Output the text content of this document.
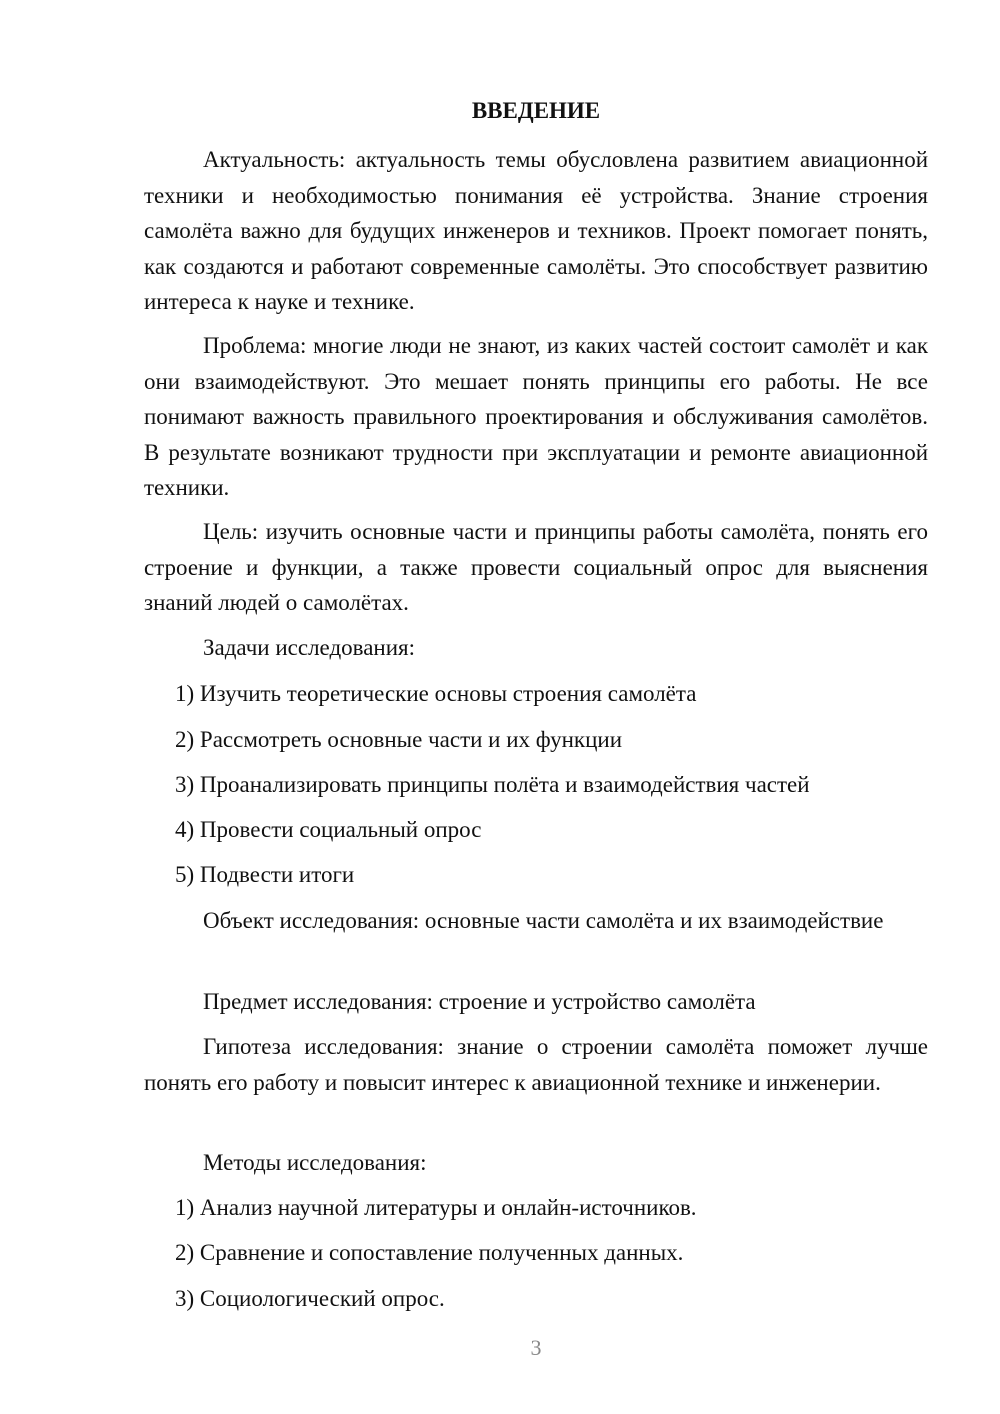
ВВЕДЕНИЕ

Актуальность: актуальность темы обусловлена развитием авиационной техники и необходимостью понимания её устройства. Знание строения самолёта важно для будущих инженеров и техников. Проект помогает понять, как создаются и работают современные самолёты. Это способствует развитию интереса к науке и технике.

Проблема: многие люди не знают, из каких частей состоит самолёт и как они взаимодействуют. Это мешает понять принципы его работы. Не все понимают важность правильного проектирования и обслуживания самолётов. В результате возникают трудности при эксплуатации и ремонте авиационной техники.

Цель: изучить основные части и принципы работы самолёта, понять его строение и функции, а также провести социальный опрос для выяснения знаний людей о самолётах.

Задачи исследования:

1) Изучить теоретические основы строения самолёта

2) Рассмотреть основные части и их функции

3) Проанализировать принципы полёта и взаимодействия частей

4) Провести социальный опрос

5) Подвести итоги

Объект исследования: основные части самолёта и их взаимодействие

Предмет исследования: строение и устройство самолёта

Гипотеза исследования: знание о строении самолёта поможет лучше понять его работу и повысит интерес к авиационной технике и инженерии.

Методы исследования:

1) Анализ научной литературы и онлайн-источников.

2) Сравнение и сопоставление полученных данных.

3) Социологический опрос.

3
